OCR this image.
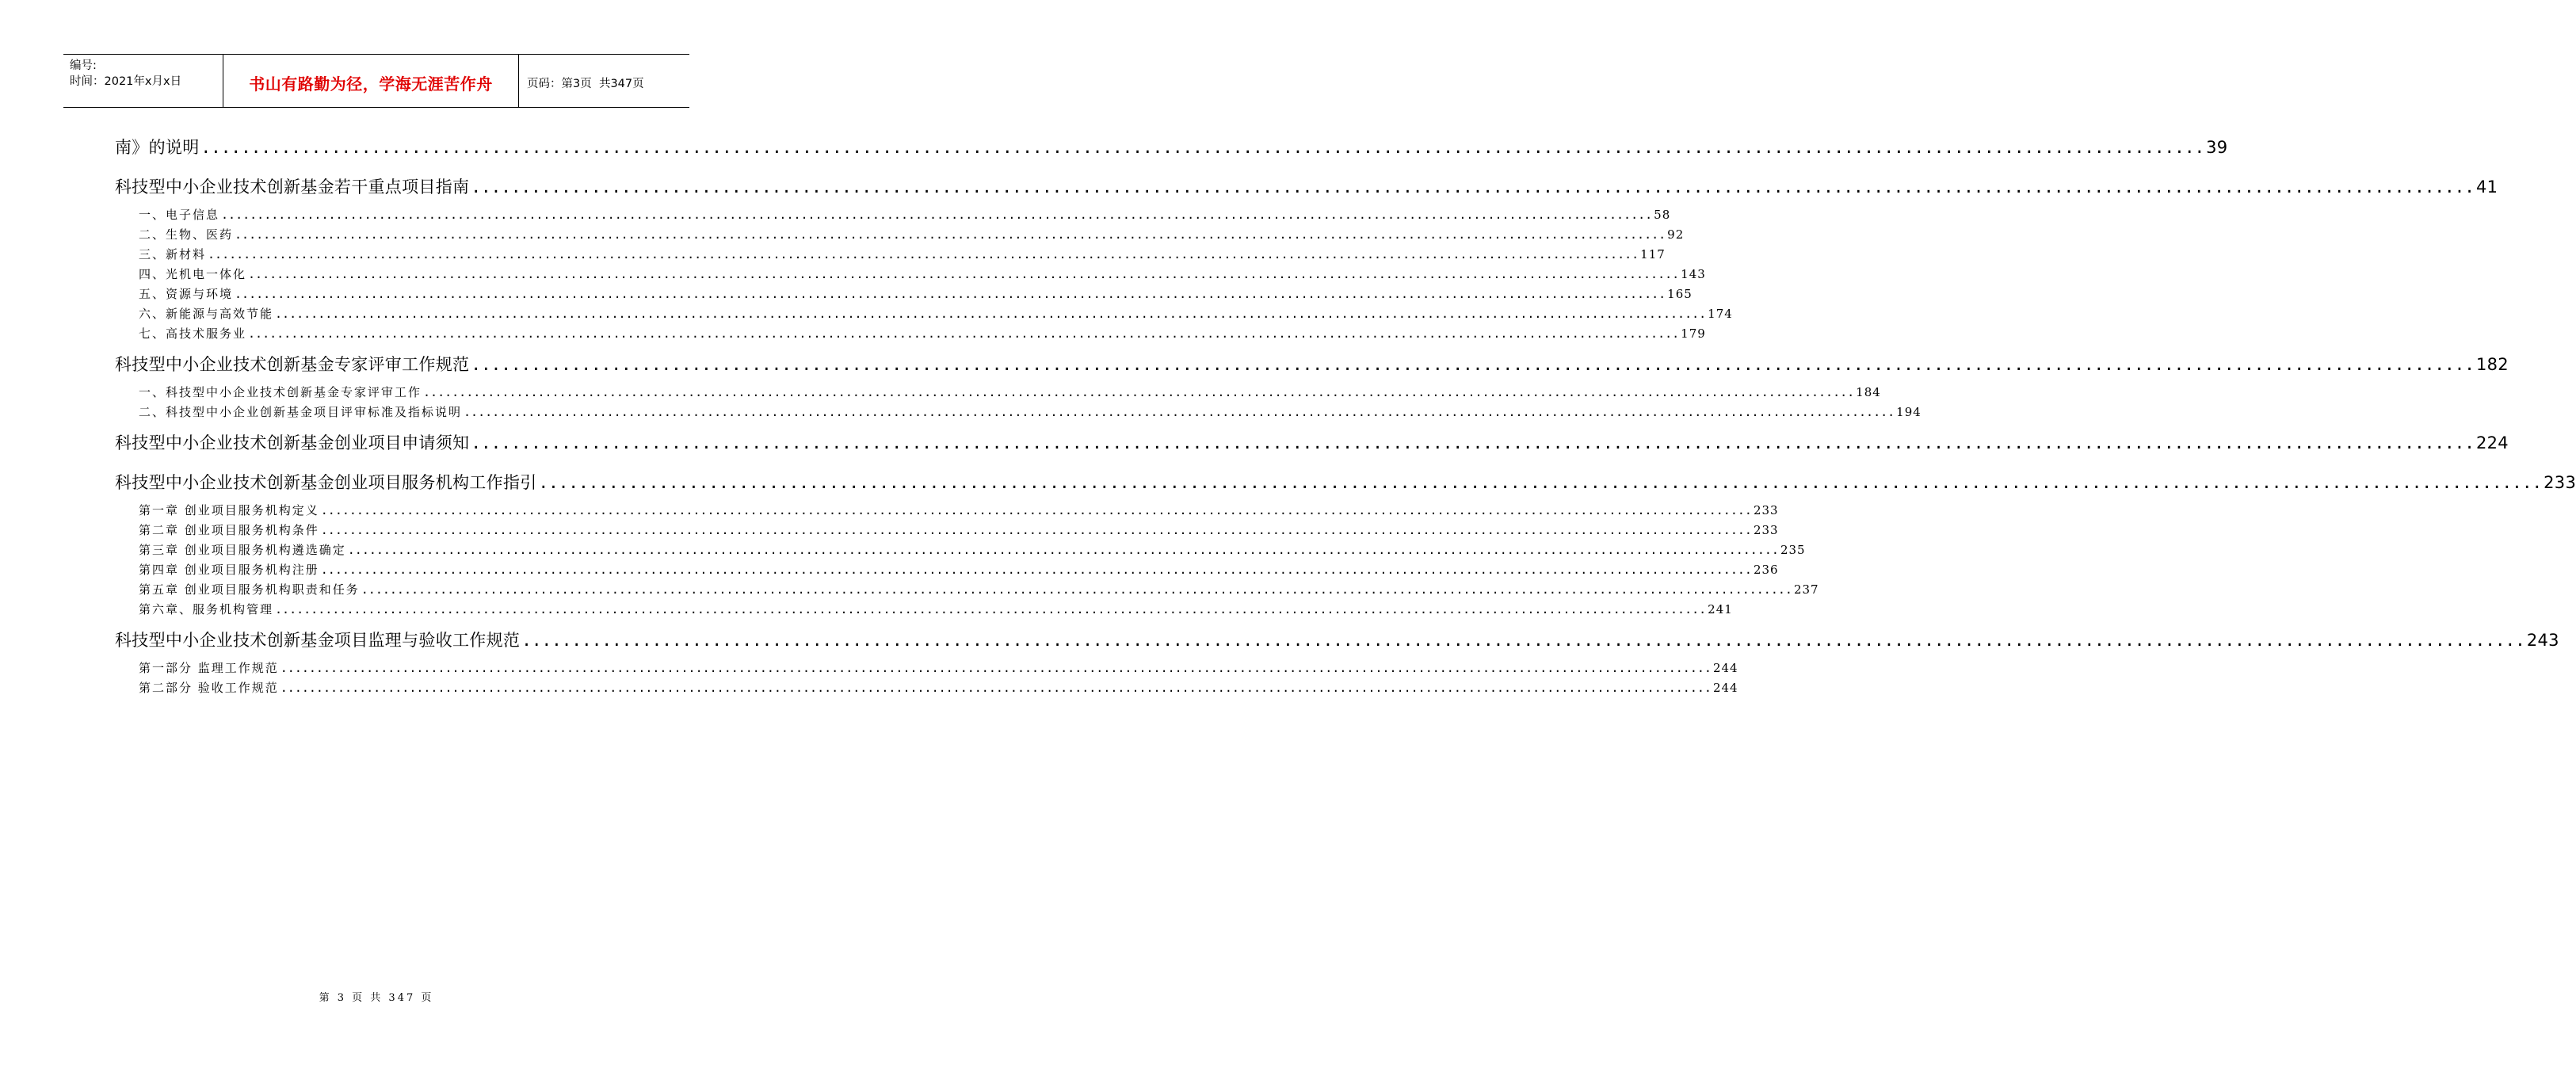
编号:
时间：2021年x月x日	书山有路勤为径，学海无涯苦作舟	页码：第3页  共347页
南》的说明 ........................................................................................................................................................................................................ 39
科技型中小企业技术创新基金若干重点项目指南 ........................................................................................................................................................................................................ 41
一、电子信息 ........................................................................................................................................................................................................ 58
二、生物、医药 ........................................................................................................................................................................................................ 92
三、新材料 ........................................................................................................................................................................................................ 117
四、光机电一体化 ........................................................................................................................................................................................................ 143
五、资源与环境 ........................................................................................................................................................................................................ 165
六、新能源与高效节能 ........................................................................................................................................................................................................ 174
七、高技术服务业 ........................................................................................................................................................................................................ 179
科技型中小企业技术创新基金专家评审工作规范 ........................................................................................................................................................................................................ 182
一、科技型中小企业技术创新基金专家评审工作 ........................................................................................................................................................................................................ 184
二、科技型中小企业创新基金项目评审标准及指标说明 ........................................................................................................................................................................................................ 194
科技型中小企业技术创新基金创业项目申请须知 ........................................................................................................................................................................................................ 224
科技型中小企业技术创新基金创业项目服务机构工作指引 ........................................................................................................................................................................................................ 233
第一章 创业项目服务机构定义 ........................................................................................................................................................................................................ 233
第二章 创业项目服务机构条件 ........................................................................................................................................................................................................ 233
第三章 创业项目服务机构遴选确定 ........................................................................................................................................................................................................ 235
第四章 创业项目服务机构注册 ........................................................................................................................................................................................................ 236
第五章 创业项目服务机构职责和任务 ........................................................................................................................................................................................................ 237
第六章、服务机构管理 ........................................................................................................................................................................................................ 241
科技型中小企业技术创新基金项目监理与验收工作规范 ........................................................................................................................................................................................................ 243
第一部分 监理工作规范 ........................................................................................................................................................................................................ 244
第二部分 验收工作规范 ........................................................................................................................................................................................................ 244
第 3 页 共 347 页
